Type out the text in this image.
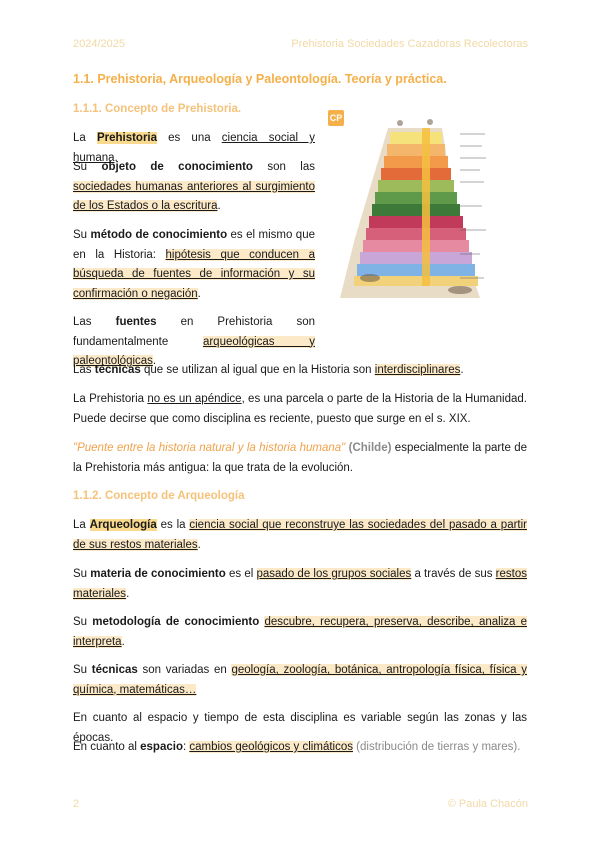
2024/2025	Prehistoria Sociedades Cazadoras Recolectoras
1.1. Prehistoria, Arqueología y Paleontología. Teoría y práctica.
1.1.1. Concepto de Prehistoria.
CP
La Prehistoria es una ciencia social y humana.
Su objeto de conocimiento son las sociedades humanas anteriores al surgimiento de los Estados o la escritura.
Su método de conocimiento es el mismo que en la Historia: hipótesis que conducen a búsqueda de fuentes de información y su confirmación o negación.
Las fuentes en Prehistoria son fundamentalmente arqueológicas y paleontológicas.
Las técnicas que se utilizan al igual que en la Historia son interdisciplinares.
La Prehistoria no es un apéndice, es una parcela o parte de la Historia de la Humanidad. Puede decirse que como disciplina es reciente, puesto que surge en el s. XIX.
"Puente entre la historia natural y la historia humana" (Childe) especialmente la parte de la Prehistoria más antigua: la que trata de la evolución.
1.1.2. Concepto de Arqueología
La Arqueología es la ciencia social que reconstruye las sociedades del pasado a partir de sus restos materiales.
Su materia de conocimiento es el pasado de los grupos sociales a través de sus restos materiales.
Su metodología de conocimiento descubre, recupera, preserva, describe, analiza e interpreta.
Su técnicas son variadas en geología, zoología, botánica, antropología física, física y química, matemáticas…
En cuanto al espacio y tiempo de esta disciplina es variable según las zonas y las épocas.
En cuanto al espacio: cambios geológicos y climáticos (distribución de tierras y mares).
2	© Paula Chacón
